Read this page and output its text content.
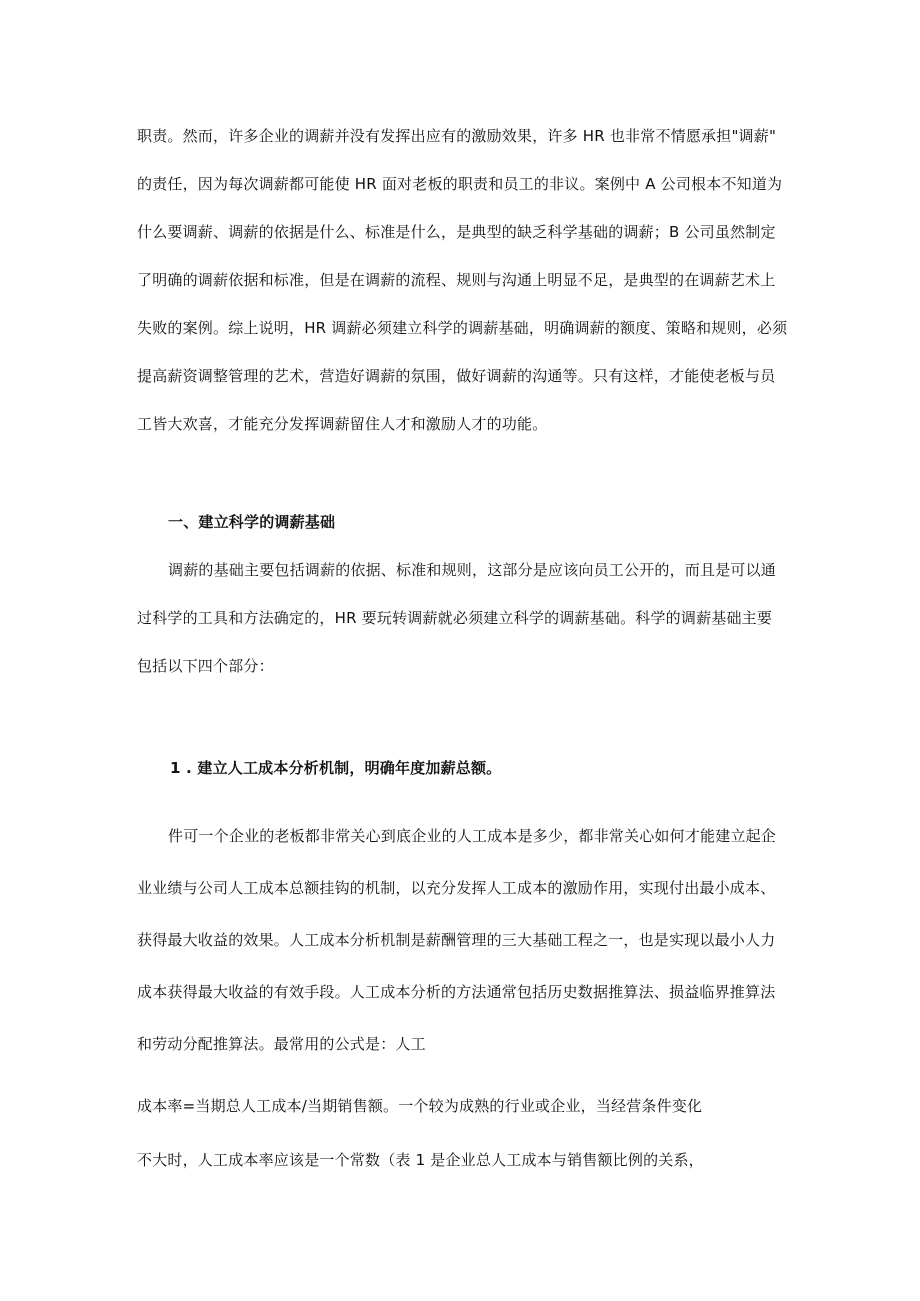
职责。然而，许多企业的调薪并没有发挥出应有的激励效果，许多 HR 也非常不情愿承担"调薪"
的责任，因为每次调薪都可能使 HR 面对老板的职责和员工的非议。案例中 A 公司根本不知道为
什么要调薪、调薪的依据是什么、标准是什么，是典型的缺乏科学基础的调薪；B 公司虽然制定
了明确的调薪依据和标准，但是在调薪的流程、规则与沟通上明显不足，是典型的在调薪艺术上
失败的案例。综上说明，HR 调薪必须建立科学的调薪基础，明确调薪的额度、策略和规则，必须
提高薪资调整管理的艺术，营造好调薪的氛围，做好调薪的沟通等。只有这样，才能使老板与员
工皆大欢喜，才能充分发挥调薪留住人才和激励人才的功能。
一、建立科学的调薪基础
调薪的基础主要包括调薪的依据、标准和规则，这部分是应该向员工公开的，而且是可以通
过科学的工具和方法确定的，HR 要玩转调薪就必须建立科学的调薪基础。科学的调薪基础主要
包括以下四个部分：
1 . 建立人工成本分析机制，明确年度加薪总额。
件可一个企业的老板都非常关心到底企业的人工成本是多少，都非常关心如何才能建立起企
业业绩与公司人工成本总额挂钩的机制，以充分发挥人工成本的激励作用，实现付出最小成本、
获得最大收益的效果。人工成本分析机制是薪酬管理的三大基础工程之一，也是实现以最小人力
成本获得最大收益的有效手段。人工成本分析的方法通常包括历史数据推算法、损益临界推算法
和劳动分配推算法。最常用的公式是：人工
成本率=当期总人工成本/当期销售额。一个较为成熟的行业或企业，当经营条件变化
不大时，人工成本率应该是一个常数（表 1 是企业总人工成本与销售额比例的关系，
